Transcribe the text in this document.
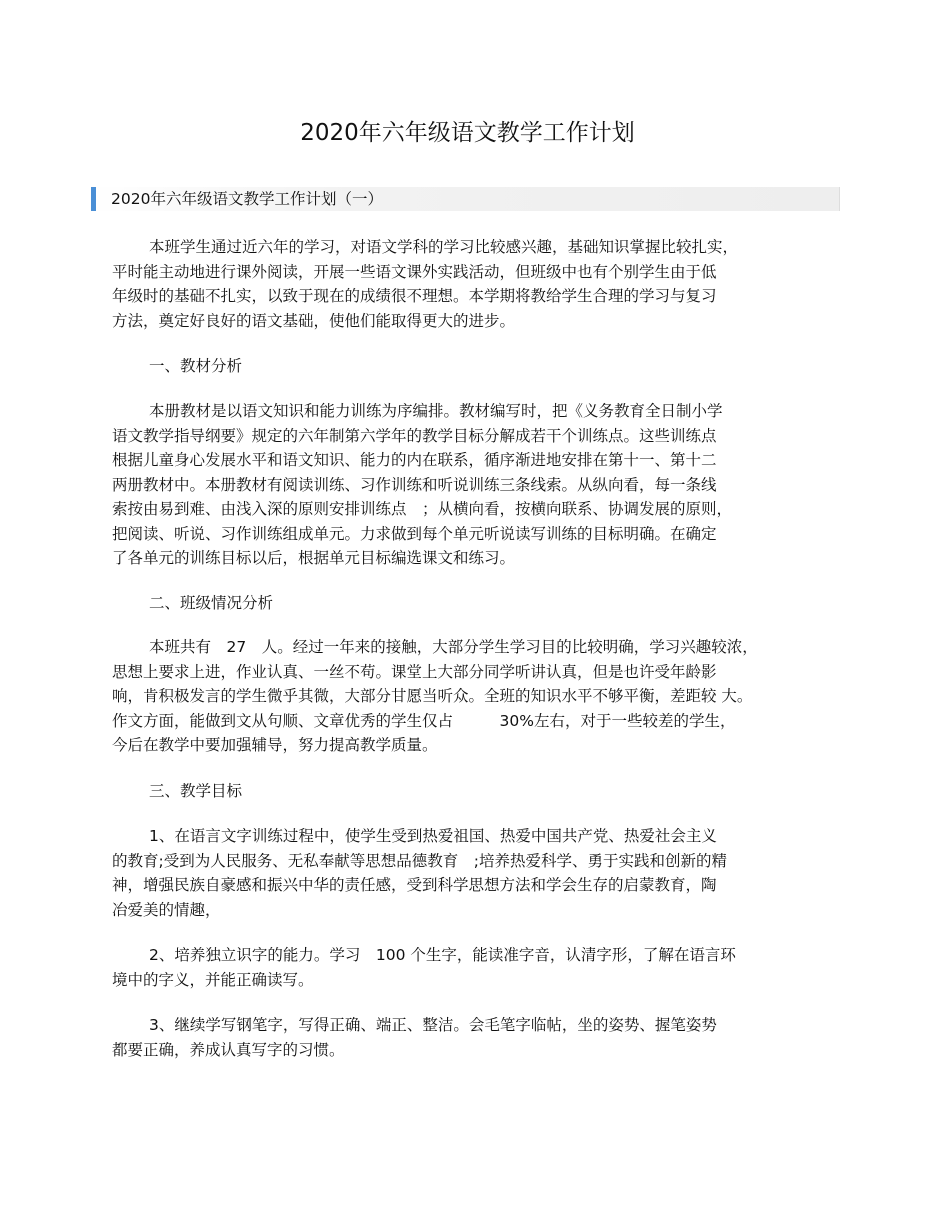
2020年六年级语文教学工作计划
2020年六年级语文教学工作计划（一）

本班学生通过近六年的学习，对语文学科的学习比较感兴趣，基础知识掌握比较扎实，

平时能主动地进行课外阅读，开展一些语文课外实践活动，但班级中也有个别学生由于低

年级时的基础不扎实，以致于现在的成绩很不理想。本学期将教给学生合理的学习与复习

方法，奠定好良好的语文基础，使他们能取得更大的进步。

一、教材分析

本册教材是以语文知识和能力训练为序编排。教材编写时，把《义务教育全日制小学

语文教学指导纲要》规定的六年制第六学年的教学目标分解成若干个训练点。这些训练点

根据儿童身心发展水平和语文知识、能力的内在联系，循序渐进地安排在第十一、第十二

两册教材中。本册教材有阅读训练、习作训练和听说训练三条线索。从纵向看，每一条线

索按由易到难、由浅入深的原则安排训练点　；从横向看，按横向联系、协调发展的原则，

把阅读、听说、习作训练组成单元。力求做到每个单元听说读写训练的目标明确。在确定

了各单元的训练目标以后，根据单元目标编选课文和练习。

二、班级情况分析

本班共有　27　人。经过一年来的接触，大部分学生学习目的比较明确，学习兴趣较浓，

思想上要求上进，作业认真、一丝不苟。课堂上大部分同学听讲认真，但是也许受年龄影

响，肯积极发言的学生微乎其微，大部分甘愿当听众。全班的知识水平不够平衡，差距较 大。

作文方面，能做到文从句顺、文章优秀的学生仅占　　　30%左右，对于一些较差的学生，

今后在教学中要加强辅导，努力提高教学质量。

三、教学目标

1、在语言文字训练过程中，使学生受到热爱祖国、热爱中国共产党、热爱社会主义

的教育;受到为人民服务、无私奉献等思想品德教育　;培养热爱科学、勇于实践和创新的精

神，增强民族自豪感和振兴中华的责任感，受到科学思想方法和学会生存的启蒙教育，陶

冶爱美的情趣，

2、培养独立识字的能力。学习　100 个生字，能读准字音，认清字形，了解在语言环

境中的字义，并能正确读写。

3、继续学写钢笔字，写得正确、端正、整洁。会毛笔字临帖，坐的姿势、握笔姿势

都要正确，养成认真写字的习惯。
